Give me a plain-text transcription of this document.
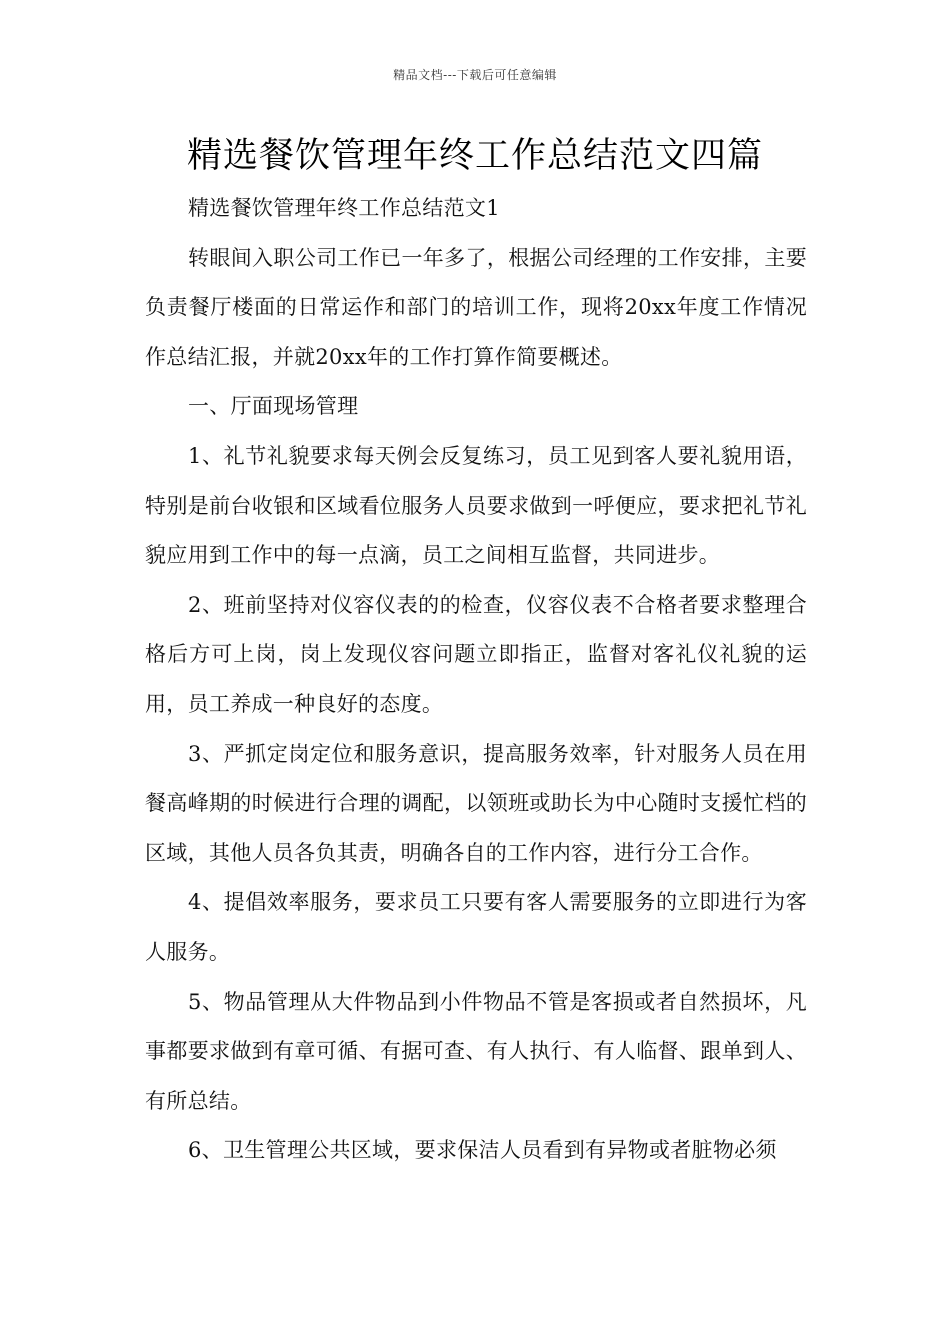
精品文档---下载后可任意编辑
精选餐饮管理年终工作总结范文四篇

精选餐饮管理年终工作总结范文1

转眼间入职公司工作已一年多了，根据公司经理的工作安排，主要负责餐厅楼面的日常运作和部门的培训工作，现将20xx年度工作情况作总结汇报，并就20xx年的工作打算作简要概述。

一、厅面现场管理

1、礼节礼貌要求每天例会反复练习，员工见到客人要礼貌用语，特别是前台收银和区域看位服务人员要求做到一呼便应，要求把礼节礼貌应用到工作中的每一点滴，员工之间相互监督，共同进步。

2、班前坚持对仪容仪表的的检查，仪容仪表不合格者要求整理合格后方可上岗，岗上发现仪容问题立即指正，监督对客礼仪礼貌的运用，员工养成一种良好的态度。

3、严抓定岗定位和服务意识，提高服务效率，针对服务人员在用餐高峰期的时候进行合理的调配，以领班或助长为中心随时支援忙档的区域，其他人员各负其责，明确各自的工作内容，进行分工合作。

4、提倡效率服务，要求员工只要有客人需要服务的立即进行为客人服务。

5、物品管理从大件物品到小件物品不管是客损或者自然损坏，凡事都要求做到有章可循、有据可查、有人执行、有人临督、跟单到人、有所总结。

6、卫生管理公共区域，要求保洁人员看到有异物或者脏物必须
